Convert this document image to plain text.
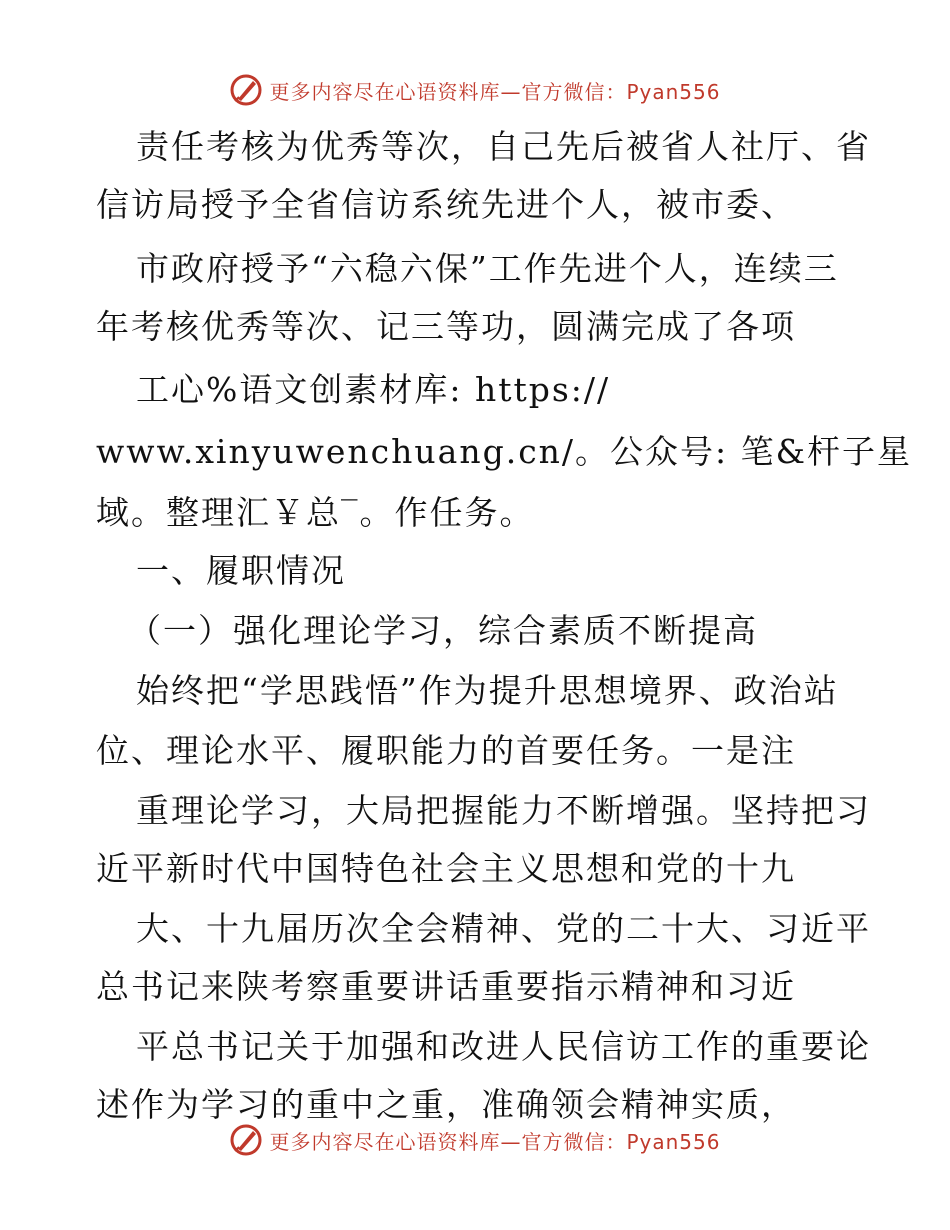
更多内容尽在心语资料库—官方微信：Pyan556
责任考核为优秀等次，自己先后被省人社厅、省
信访局授予全省信访系统先进个人，被市委、
市政府授予“六稳六保”工作先进个人，连续三
年考核优秀等次、记三等功，圆满完成了各项
工心%语文创素材库: https://
www.xinyuwenchuang.cn/。公众号: 笔&杆子星
域。整理汇￥总‾。作任务。
一、履职情况
（一）强化理论学习，综合素质不断提高
始终把“学思践悟”作为提升思想境界、政治站
位、理论水平、履职能力的首要任务。一是注
重理论学习，大局把握能力不断增强。坚持把习
近平新时代中国特色社会主义思想和党的十九
大、十九届历次全会精神、党的二十大、习近平
总书记来陕考察重要讲话重要指示精神和习近
平总书记关于加强和改进人民信访工作的重要论
述作为学习的重中之重，准确领会精神实质，
更多内容尽在心语资料库—官方微信：Pyan556
